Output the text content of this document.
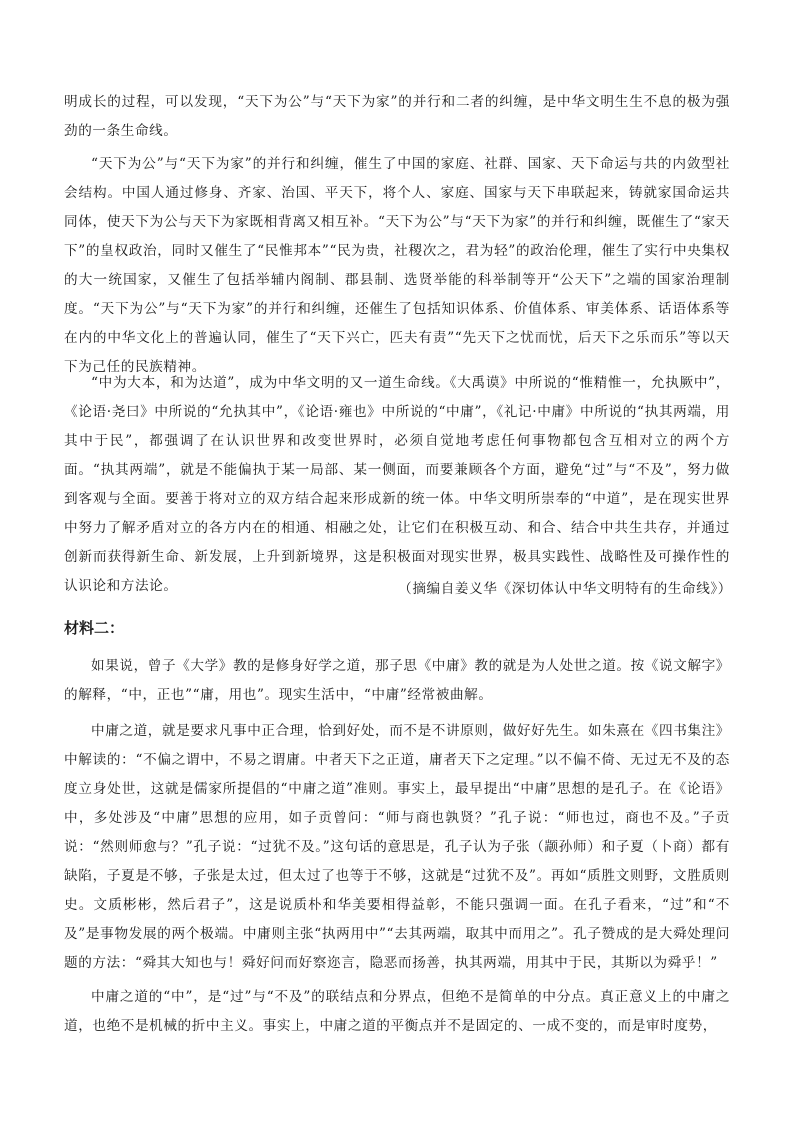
明成长的过程，可以发现，“天下为公”与“天下为家”的并行和二者的纠缠，是中华文明生生不息的极为强劲的一条生命线。

“天下为公”与“天下为家”的并行和纠缠，催生了中国的家庭、社群、国家、天下命运与共的内敛型社会结构。中国人通过修身、齐家、治国、平天下，将个人、家庭、国家与天下串联起来，铸就家国命运共同体，使天下为公与天下为家既相背离又相互补。“天下为公”与“天下为家”的并行和纠缠，既催生了“家天下”的皇权政治，同时又催生了“民惟邦本”“民为贵，社稷次之，君为轻”的政治伦理，催生了实行中央集权的大一统国家，又催生了包括举辅内阁制、郡县制、选贤举能的科举制等开“公天下”之端的国家治理制度。“天下为公”与“天下为家”的并行和纠缠，还催生了包括知识体系、价值体系、审美体系、话语体系等在内的中华文化上的普遍认同，催生了“天下兴亡，匹夫有责”“先天下之忧而忧，后天下之乐而乐”等以天下为己任的民族精神。

“中为大本，和为达道”，成为中华文明的又一道生命线。《大禹谟》中所说的“惟精惟一，允执厥中”，《论语·尧曰》中所说的“允执其中”，《论语·雍也》中所说的“中庸”，《礼记·中庸》中所说的“执其两端，用其中于民”，都强调了在认识世界和改变世界时，必须自觉地考虑任何事物都包含互相对立的两个方面。“执其两端”，就是不能偏执于某一局部、某一侧面，而要兼顾各个方面，避免“过”与“不及”，努力做到客观与全面。要善于将对立的双方结合起来形成新的统一体。中华文明所崇奉的“中道”，是在现实世界中努力了解矛盾对立的各方内在的相通、相融之处，让它们在积极互动、和合、结合中共生共存，并通过创新而获得新生命、新发展，上升到新境界，这是积极面对现实世界，极具实践性、战略性及可操作性的认识论和方法论。	（摘编自姜义华《深切体认中华文明特有的生命线》）

材料二：

如果说，曾子《大学》教的是修身好学之道，那子思《中庸》教的就是为人处世之道。按《说文解字》的解释，“中，正也”“庸，用也”。现实生活中，“中庸”经常被曲解。

中庸之道，就是要求凡事中正合理，恰到好处，而不是不讲原则，做好好先生。如朱熹在《四书集注》中解读的：“不偏之谓中，不易之谓庸。中者天下之正道，庸者天下之定理。”以不偏不倚、无过无不及的态度立身处世，这就是儒家所提倡的“中庸之道”准则。事实上，最早提出“中庸”思想的是孔子。在《论语》中，多处涉及“中庸”思想的应用，如子贡曾问：“师与商也孰贤？”孔子说：“师也过，商也不及。”子贡说：“然则师愈与？”孔子说：“过犹不及。”这句话的意思是，孔子认为子张（颛孙师）和子夏（卜商）都有缺陷，子夏是不够，子张是太过，但太过了也等于不够，这就是“过犹不及”。再如“质胜文则野，文胜质则史。文质彬彬，然后君子”，这是说质朴和华美要相得益彰，不能只强调一面。在孔子看来，“过”和“不及”是事物发展的两个极端。中庸则主张“执两用中”“去其两端，取其中而用之”。孔子赞成的是大舜处理问题的方法：“舜其大知也与！舜好问而好察迩言，隐恶而扬善，执其两端，用其中于民，其斯以为舜乎！”

中庸之道的“中”，是“过”与“不及”的联结点和分界点，但绝不是简单的中分点。真正意义上的中庸之道，也绝不是机械的折中主义。事实上，中庸之道的平衡点并不是固定的、一成不变的，而是审时度势，
